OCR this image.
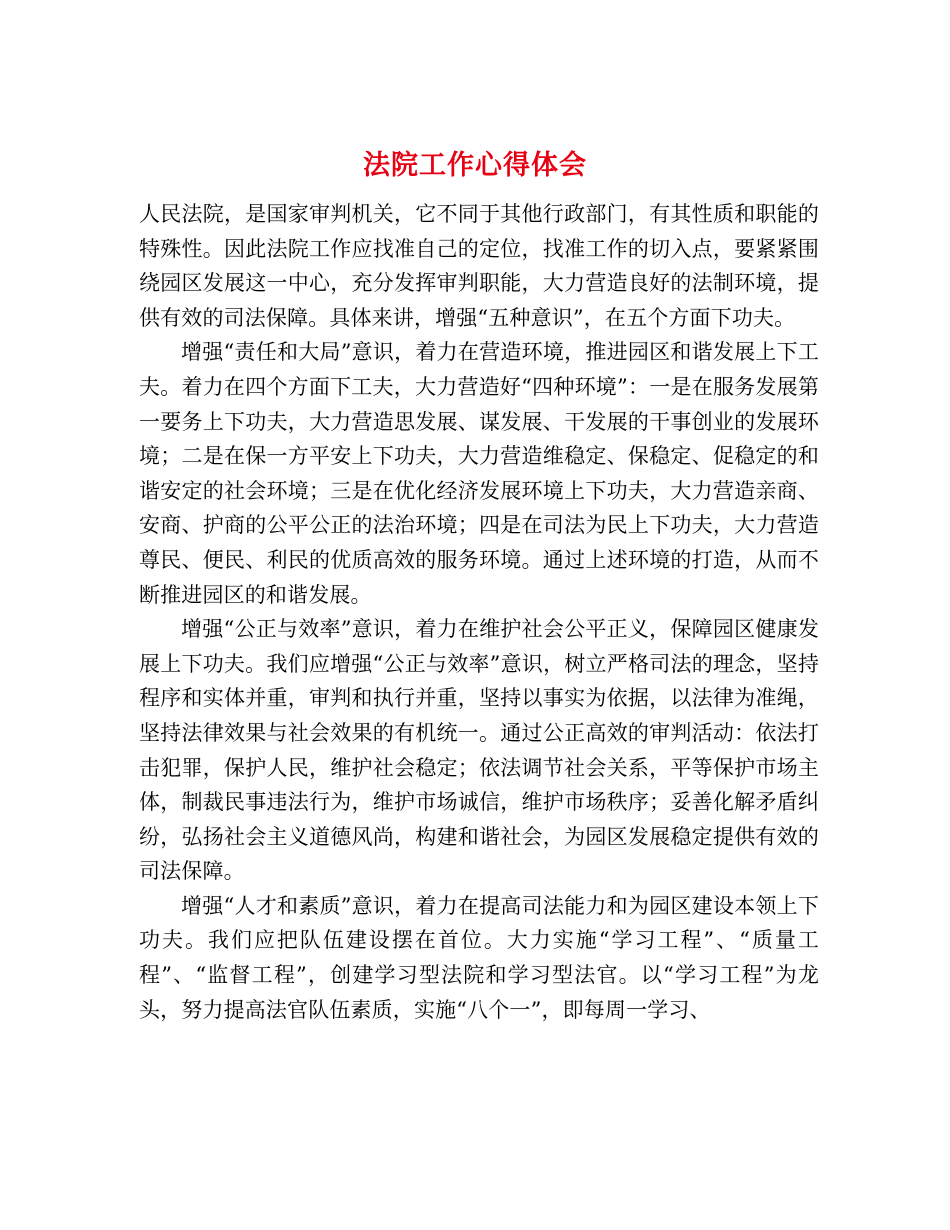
法院工作心得体会

人民法院，是国家审判机关，它不同于其他行政部门，有其性质和职能的特殊性。因此法院工作应找准自己的定位，找准工作的切入点，要紧紧围绕园区发展这一中心，充分发挥审判职能，大力营造良好的法制环境，提供有效的司法保障。具体来讲，增强“五种意识”，在五个方面下功夫。

增强“责任和大局”意识，着力在营造环境，推进园区和谐发展上下工夫。着力在四个方面下工夫，大力营造好“四种环境”：一是在服务发展第一要务上下功夫，大力营造思发展、谋发展、干发展的干事创业的发展环境；二是在保一方平安上下功夫，大力营造维稳定、保稳定、促稳定的和谐安定的社会环境；三是在优化经济发展环境上下功夫，大力营造亲商、安商、护商的公平公正的法治环境；四是在司法为民上下功夫，大力营造尊民、便民、利民的优质高效的服务环境。通过上述环境的打造，从而不断推进园区的和谐发展。

增强“公正与效率”意识，着力在维护社会公平正义，保障园区健康发展上下功夫。我们应增强“公正与效率”意识，树立严格司法的理念，坚持程序和实体并重，审判和执行并重，坚持以事实为依据，以法律为准绳，坚持法律效果与社会效果的有机统一。通过公正高效的审判活动：依法打击犯罪，保护人民，维护社会稳定；依法调节社会关系，平等保护市场主体，制裁民事违法行为，维护市场诚信，维护市场秩序；妥善化解矛盾纠纷，弘扬社会主义道德风尚，构建和谐社会，为园区发展稳定提供有效的司法保障。

增强“人才和素质”意识，着力在提高司法能力和为园区建设本领上下功夫。我们应把队伍建设摆在首位。大力实施“学习工程”、“质量工程”、“监督工程”，创建学习型法院和学习型法官。以“学习工程”为龙头，努力提高法官队伍素质，实施“八个一”，即每周一学习、
